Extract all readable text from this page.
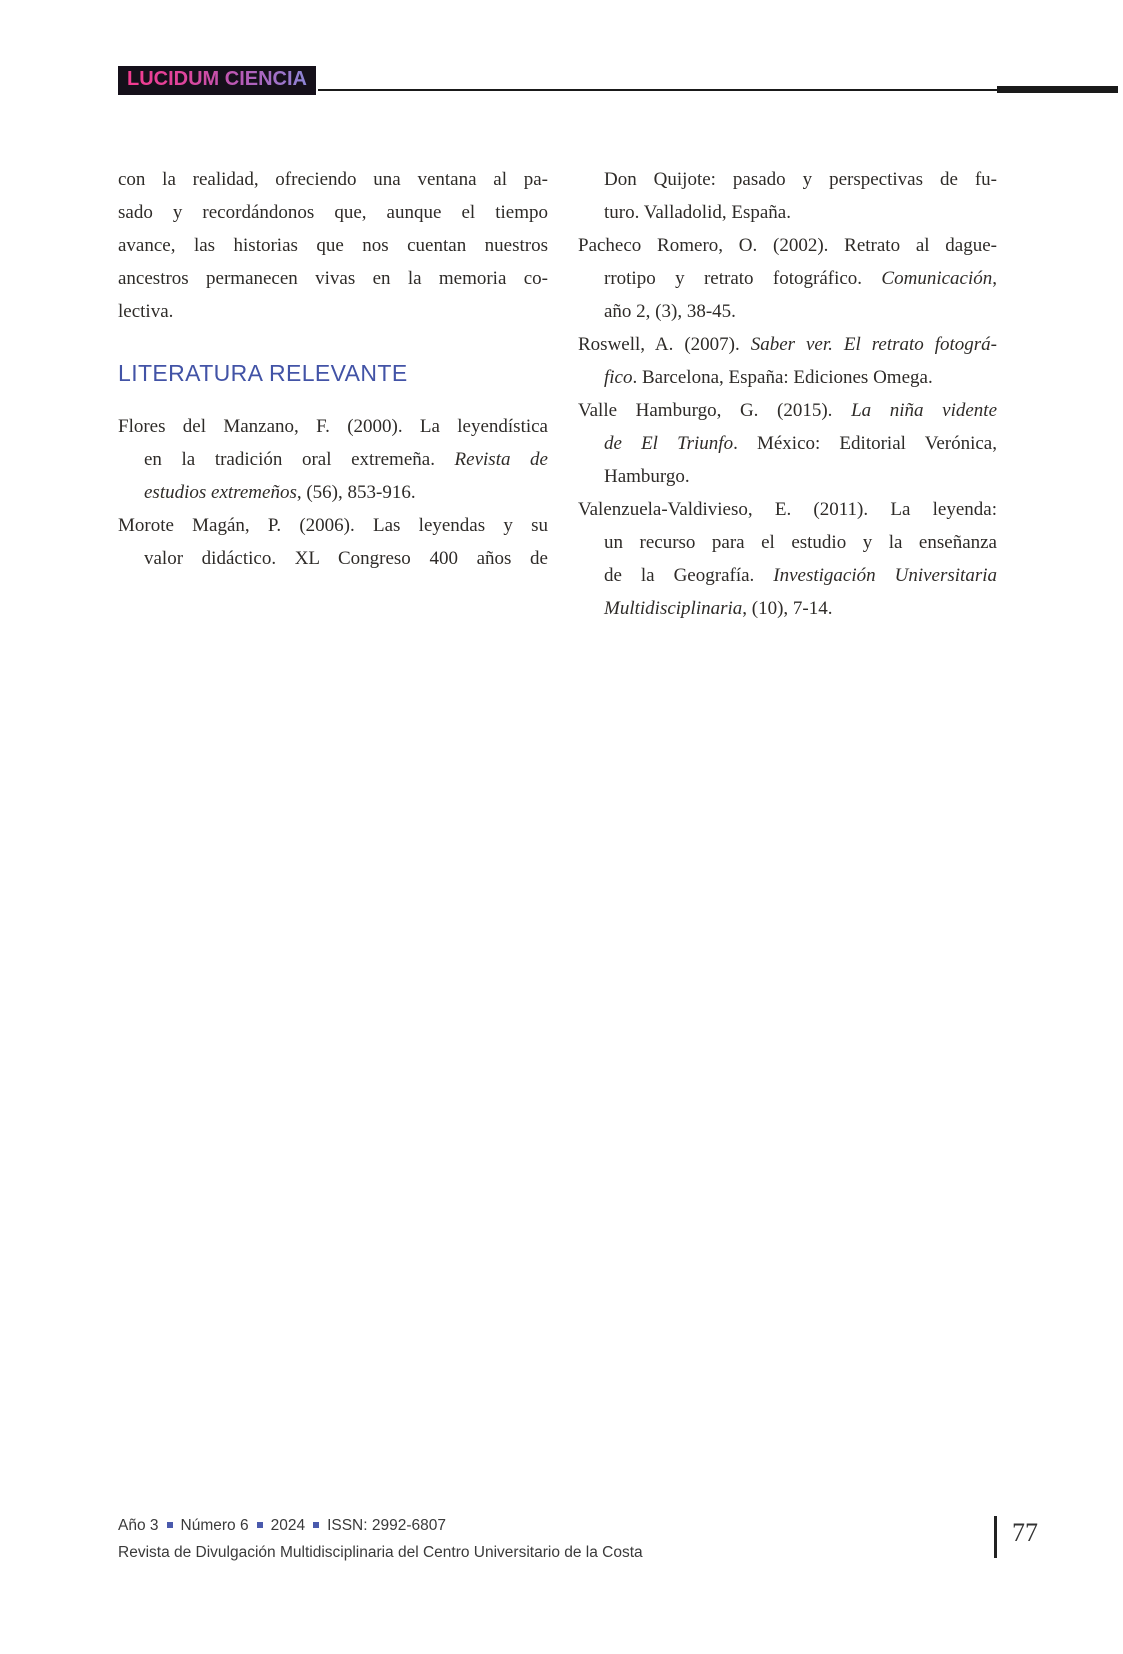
LUCIDUM CIENCIA
con la realidad, ofreciendo una ventana al pa-
sado y recordándonos que, aunque el tiempo
avance, las historias que nos cuentan nuestros
ancestros permanecen vivas en la memoria co-
lectiva.
LITERATURA RELEVANTE
Flores del Manzano, F. (2000). La leyendística
en la tradición oral extremeña. Revista de
estudios extremeños, (56), 853-916.
Morote Magán, P. (2006). Las leyendas y su
valor didáctico. XL Congreso 400 años de
Don Quijote: pasado y perspectivas de fu-
turo. Valladolid, España.
Pacheco Romero, O. (2002). Retrato al dague-
rrotipo y retrato fotográfico. Comunicación,
año 2, (3), 38-45.
Roswell, A. (2007). Saber ver. El retrato fotográ-
fico. Barcelona, España: Ediciones Omega.
Valle Hamburgo, G. (2015). La niña vidente
de El Triunfo. México: Editorial Verónica,
Hamburgo.
Valenzuela-Valdivieso, E. (2011). La leyenda:
un recurso para el estudio y la enseñanza
de la Geografía. Investigación Universitaria
Multidisciplinaria, (10), 7-14.
Año 3 Número 6 2024 ISSN: 2992-6807
Revista de Divulgación Multidisciplinaria del Centro Universitario de la Costa
77
